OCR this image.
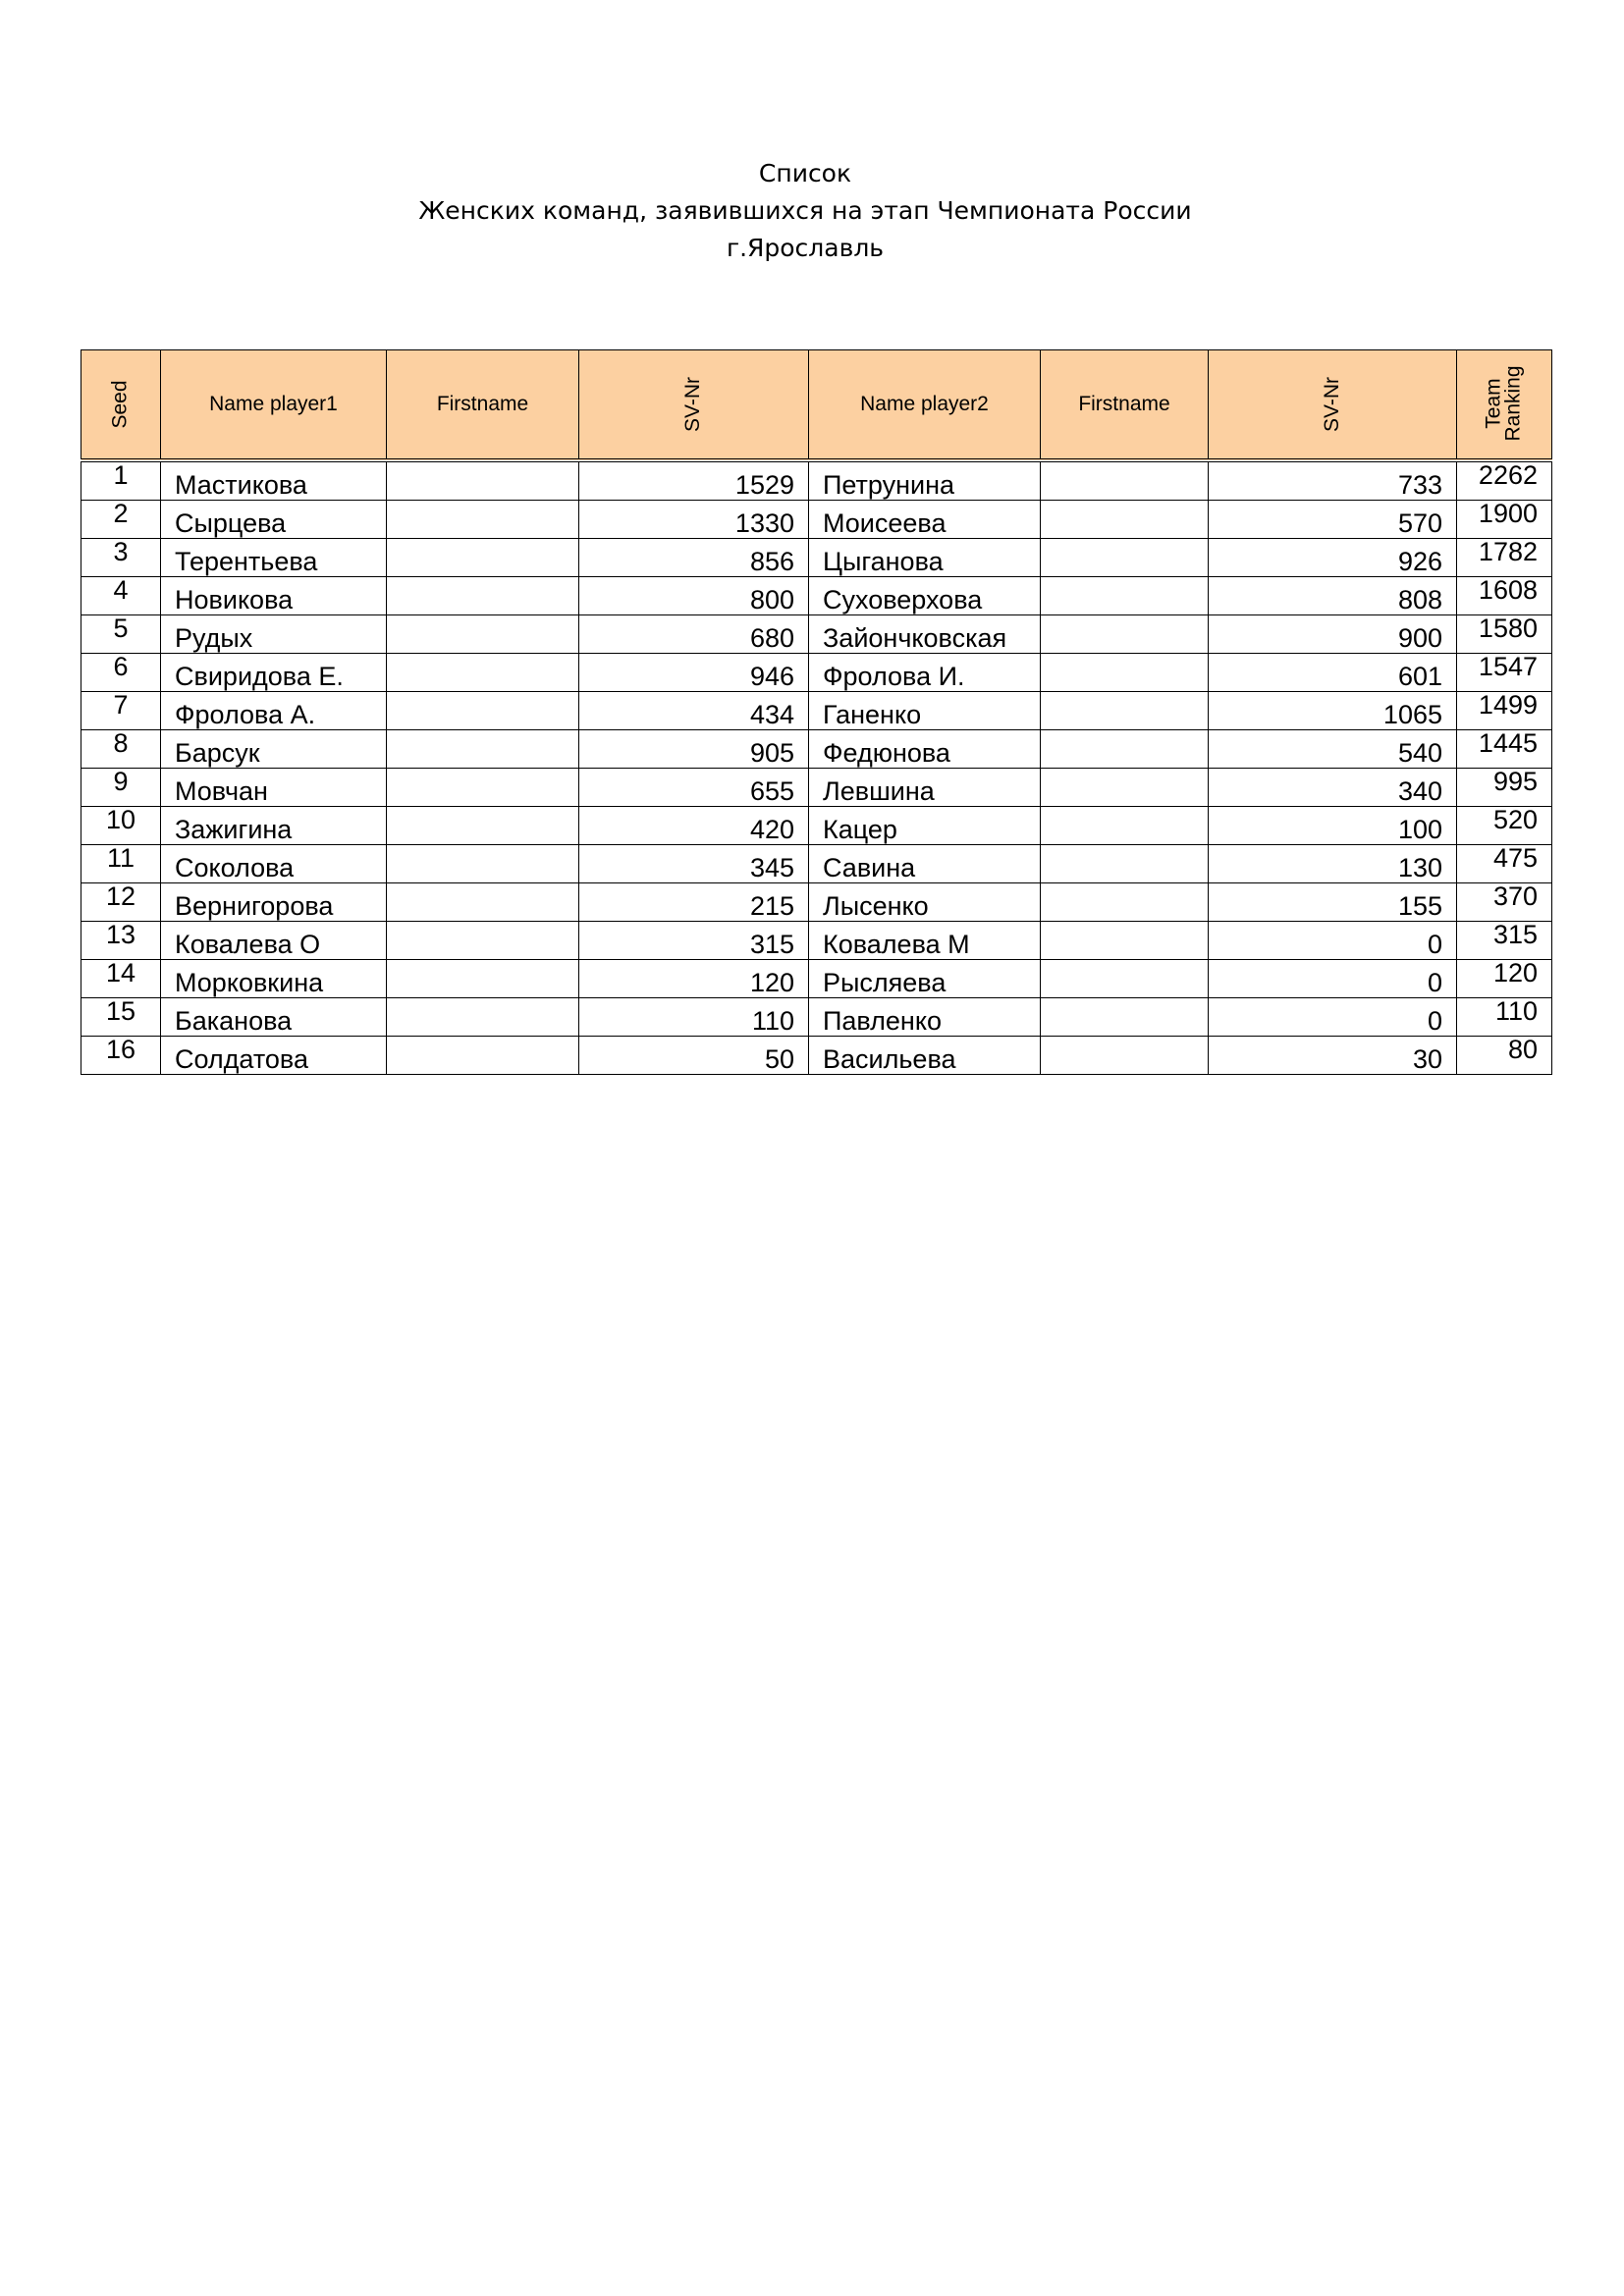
Список
Женских команд, заявившихся на этап Чемпионата России
г.Ярославль
Seed	Name player1	Firstname	SV-Nr	Name player2	Firstname	SV-Nr	Team
Ranking

1	Мастикова		1529	Петрунина		733	2262
2	Сырцева		1330	Моисеева		570	1900
3	Терентьева		856	Цыганова		926	1782
4	Новикова		800	Суховерхова		808	1608
5	Рудых		680	Зайончковская		900	1580
6	Свиридова Е.		946	Фролова И.		601	1547
7	Фролова А.		434	Ганенко		1065	1499
8	Барсук		905	Федюнова		540	1445
9	Мовчан		655	Левшина		340	995
10	Зажигина		420	Кацер		100	520
11	Соколова		345	Савина		130	475
12	Вернигорова		215	Лысенко		155	370
13	Ковалева О		315	Ковалева М		0	315
14	Морковкина		120	Рысляева		0	120
15	Баканова		110	Павленко		0	110
16	Солдатова		50	Васильева		30	80
